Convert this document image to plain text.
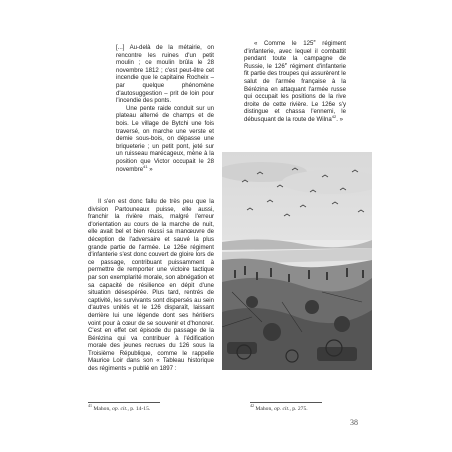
[...] Au-delà de la métairie, on rencontre les ruines d'un petit moulin ; ce moulin brûla le 28 novembre 1812 ; c'est peut-être cet incendie que le capitaine Rocheix – par quelque phénomène d'autosuggestion – prit de loin pour l'incendie des ponts.

Une pente raide conduit sur un plateau alterné de champs et de bois. Le village de Bytchi une fois traversé, on marche une verste et demie sous-bois, on dépasse une briqueterie ; un petit pont, jeté sur un ruisseau marécageux, mène à la position que Victor occupait le 28 novembre$^{41}$ »

Il s'en est donc fallu de très peu que la division Partouneaux puisse, elle aussi, franchir la rivière mais, malgré l'erreur d'orientation au cours de la marche de nuit, elle avait bel et bien réussi sa manœuvre de déception de l'adversaire et sauvé la plus grande partie de l'armée. Le 126e régiment d'infanterie s'est donc couvert de gloire lors de ce passage, contribuant puissamment à permettre de remporter une victoire tactique par son exemplarité morale, son abnégation et sa capacité de résilience en dépit d'une situation désespérée. Plus tard, rentrés de captivité, les survivants sont dispersés au sein d'autres unités et le 126 disparaît, laissant derrière lui une légende dont ses héritiers voint pour à cœur de se souvenir et d'honorer. C'est en effet cet épisode du passage de la Bérézina qui va contribuer à l'édification morale des jeunes recrues du 126 sous la Troisième République, comme le rappelle Maurice Loir dans son « Tableau historique des régiments » publié en 1897 :

« Comme le 125e régiment d'infanterie, avec lequel il combattit pendant toute la campagne de Russie, le 126e régiment d'infanterie fit partie des troupes qui assurèrent le salut de l'armée française à la Bérézina en attaquant l'armée russe qui occupait les positions de la rive droite de cette rivière. Le 126e s'y distingue et chassa l'ennemi, le débusquant de la route de Wilna$^{42}$. »

$^{41}$ Mahon, op. cit., p. 14-15.
$^{42}$ Mahon, op. cit., p. 275.
38
